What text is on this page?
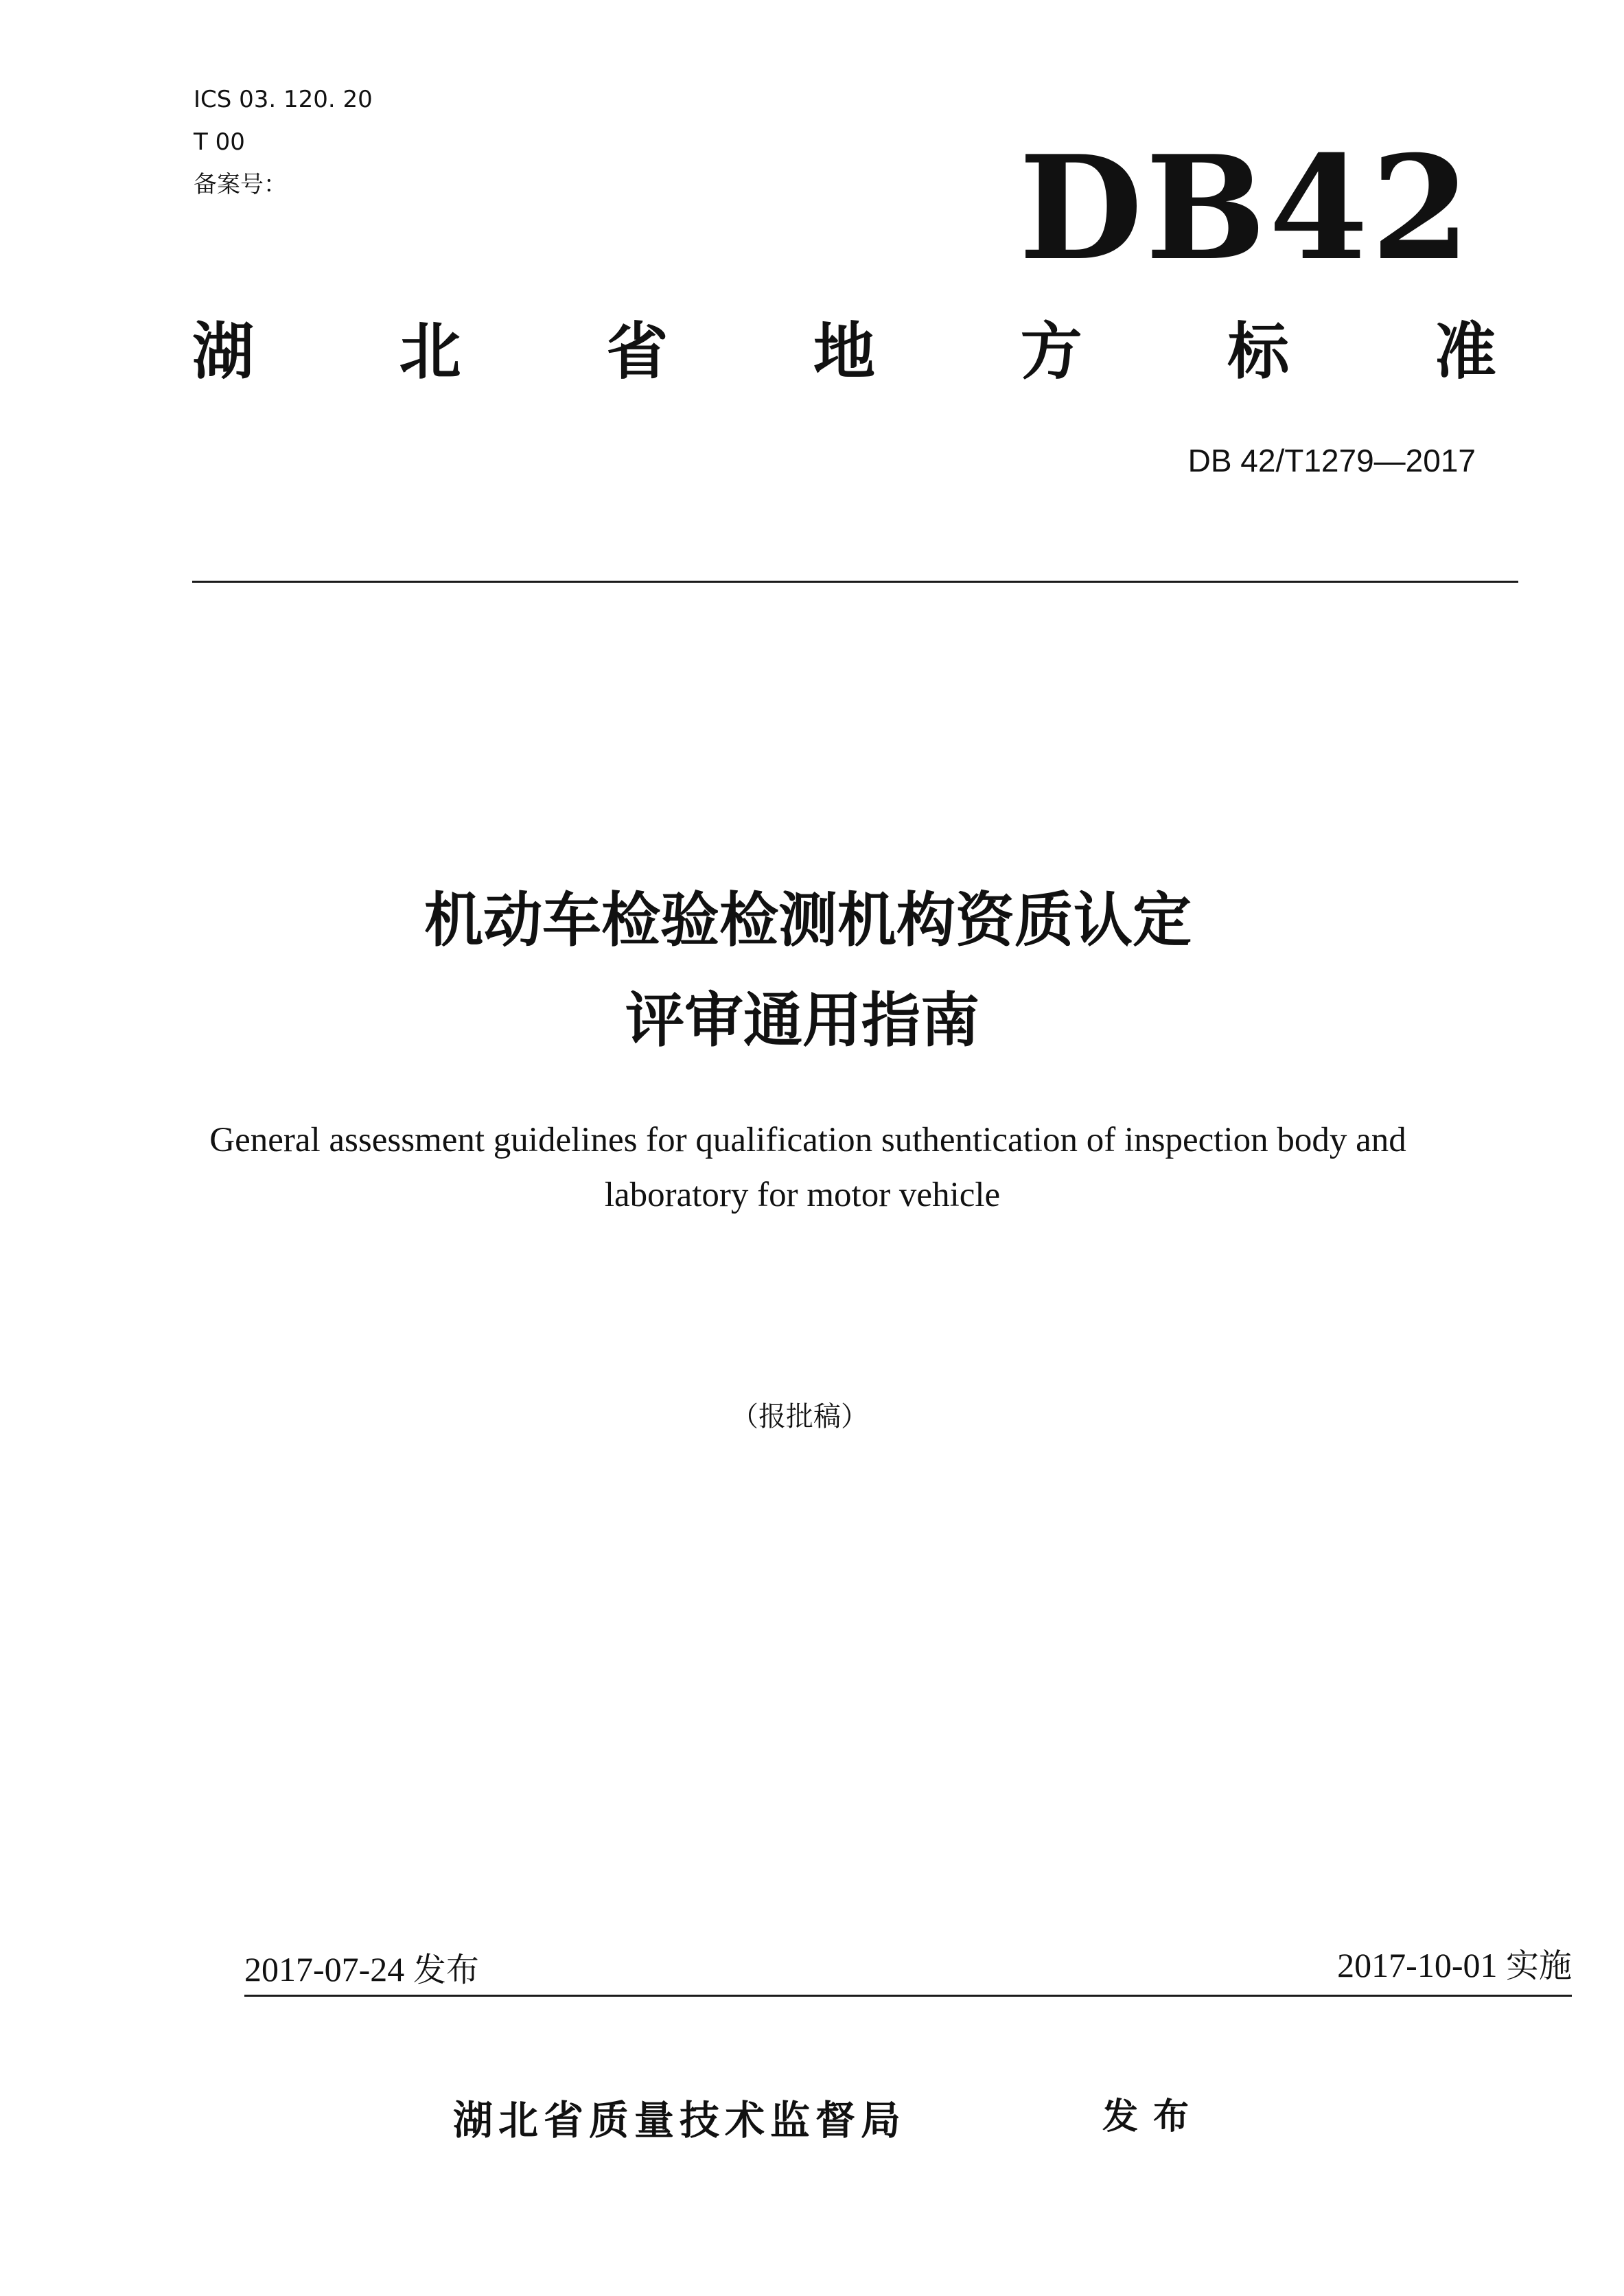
ICS 03. 120. 20
T 00
备案号：	DB42
湖 北 省 地 方 标 准
DB 42/T1279—2017
机动车检验检测机构资质认定
评审通用指南
General assessment guidelines for qualification suthentication of inspection body and
laboratory for motor vehicle
（报批稿）
2017-07-24 发布	2017-10-01 实施
湖北省质量技术监督局	发布
